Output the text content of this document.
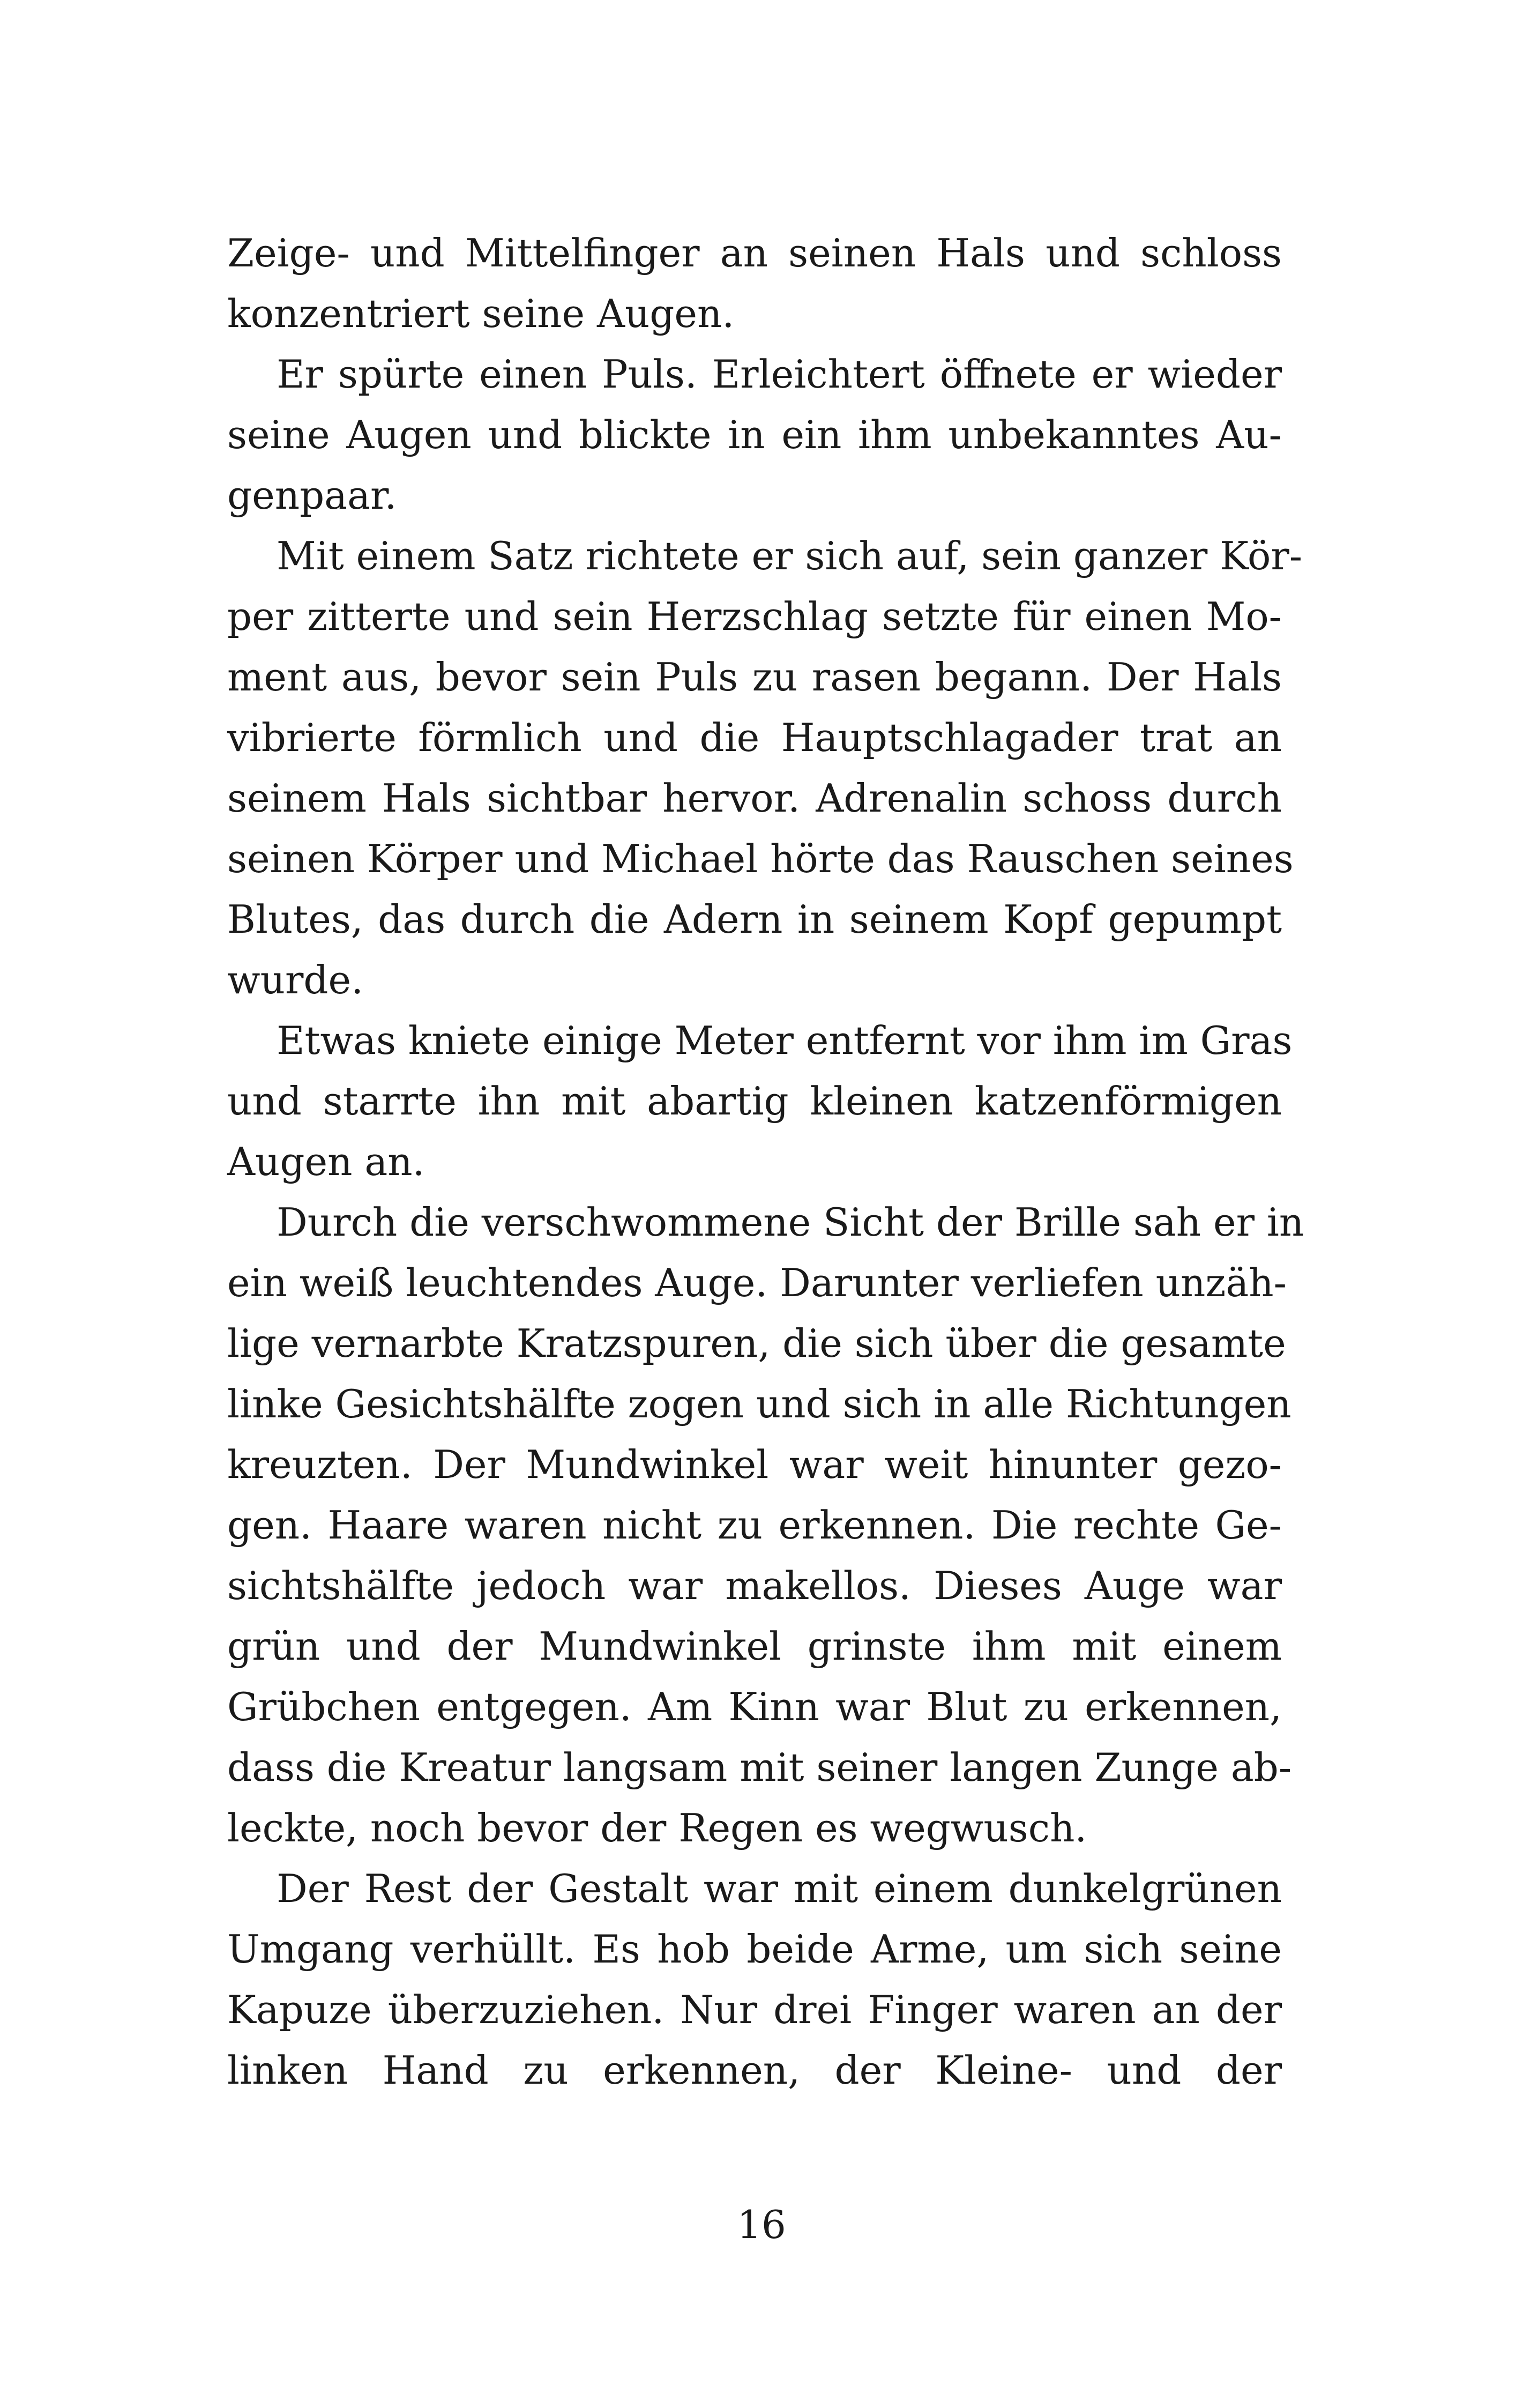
Zeige- und Mittelfinger an seinen Hals und schloss
konzentriert seine Augen.
Er spürte einen Puls. Erleichtert öffnete er wieder
seine Augen und blickte in ein ihm unbekanntes Au-
genpaar.
Mit einem Satz richtete er sich auf, sein ganzer Kör-
per zitterte und sein Herzschlag setzte für einen Mo-
ment aus, bevor sein Puls zu rasen begann. Der Hals
vibrierte förmlich und die Hauptschlagader trat an
seinem Hals sichtbar hervor. Adrenalin schoss durch
seinen Körper und Michael hörte das Rauschen seines
Blutes, das durch die Adern in seinem Kopf gepumpt
wurde.
Etwas kniete einige Meter entfernt vor ihm im Gras
und starrte ihn mit abartig kleinen katzenförmigen
Augen an.
Durch die verschwommene Sicht der Brille sah er in
ein weiß leuchtendes Auge. Darunter verliefen unzäh-
lige vernarbte Kratzspuren, die sich über die gesamte
linke Gesichtshälfte zogen und sich in alle Richtungen
kreuzten. Der Mundwinkel war weit hinunter gezo-
gen. Haare waren nicht zu erkennen. Die rechte Ge-
sichtshälfte jedoch war makellos. Dieses Auge war
grün und der Mundwinkel grinste ihm mit einem
Grübchen entgegen. Am Kinn war Blut zu erkennen,
dass die Kreatur langsam mit seiner langen Zunge ab-
leckte, noch bevor der Regen es wegwusch.
Der Rest der Gestalt war mit einem dunkelgrünen
Umgang verhüllt. Es hob beide Arme, um sich seine
Kapuze überzuziehen. Nur drei Finger waren an der
linken Hand zu erkennen, der Kleine- und der
16
